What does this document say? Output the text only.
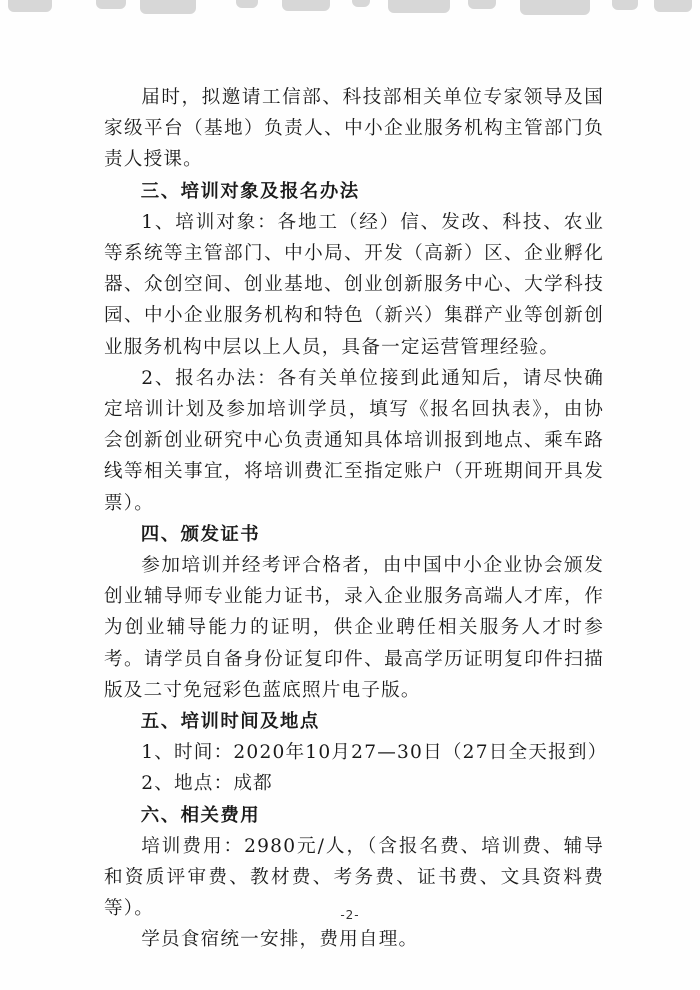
届时，拟邀请工信部、科技部相关单位专家领导及国家级平台（基地）负责人、中小企业服务机构主管部门负责人授课。

三、培训对象及报名办法

1、培训对象：各地工（经）信、发改、科技、农业等系统等主管部门、中小局、开发（高新）区、企业孵化器、众创空间、创业基地、创业创新服务中心、大学科技园、中小企业服务机构和特色（新兴）集群产业等创新创业服务机构中层以上人员，具备一定运营管理经验。

2、报名办法：各有关单位接到此通知后，请尽快确定培训计划及参加培训学员，填写《报名回执表》，由协会创新创业研究中心负责通知具体培训报到地点、乘车路线等相关事宜，将培训费汇至指定账户（开班期间开具发票）。

四、颁发证书

参加培训并经考评合格者，由中国中小企业协会颁发创业辅导师专业能力证书，录入企业服务高端人才库，作为创业辅导能力的证明，供企业聘任相关服务人才时参考。请学员自备身份证复印件、最高学历证明复印件扫描版及二寸免冠彩色蓝底照片电子版。

五、培训时间及地点

1、时间：2020年10月27—30日（27日全天报到）

2、地点：成都

六、相关费用

培训费用：2980元/人，（含报名费、培训费、辅导和资质评审费、教材费、考务费、证书费、文具资料费等）。

学员食宿统一安排，费用自理。

-2-
